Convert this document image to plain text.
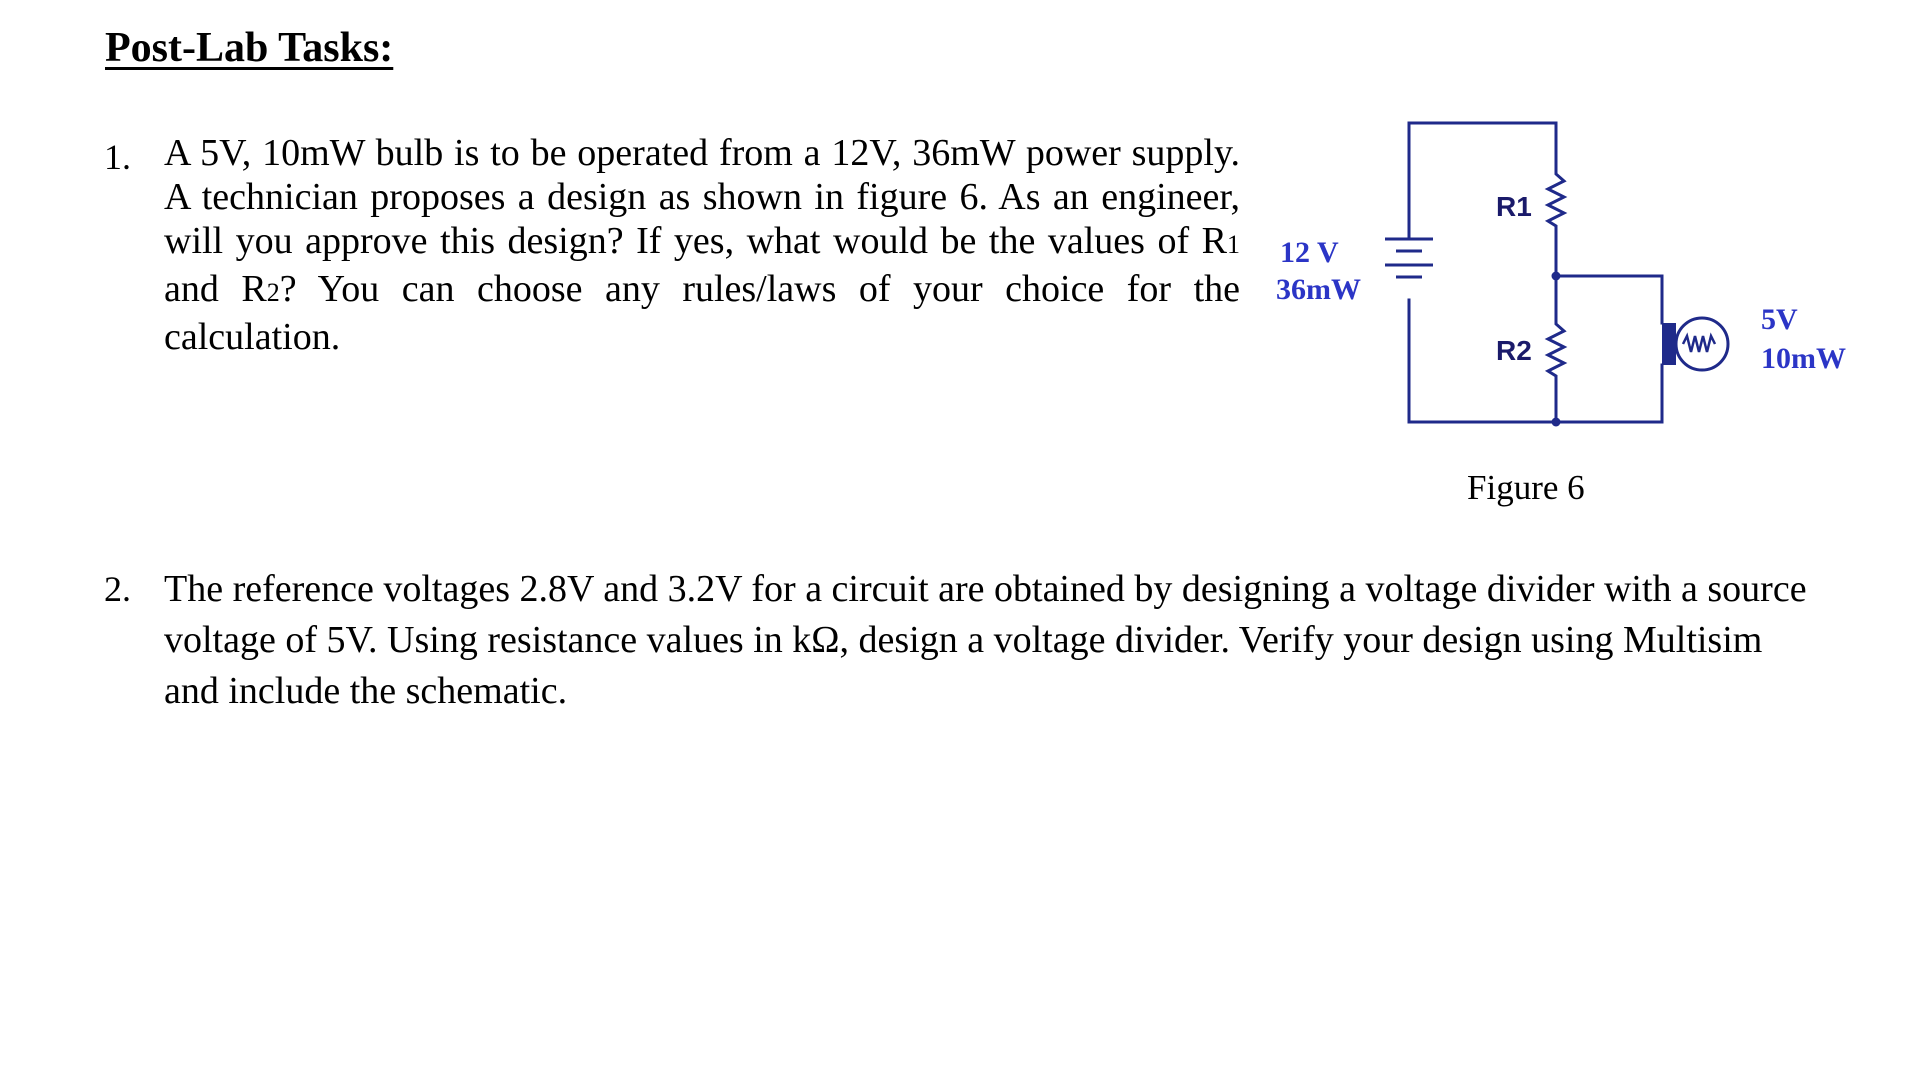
Post-Lab Tasks:
1. A 5V, 10mW bulb is to be operated from a 12V, 36mW power supply.
A technician proposes a design as shown in figure 6. As an engineer,
will you approve this design? If yes, what would be the values of R1
and R2? You can choose any rules/laws of your choice for the
calculation.
12 V
36mW
R1
R2
5V
10mW
Figure 6
2. The reference voltages 2.8V and 3.2V for a circuit are obtained by designing a voltage divider with a source
voltage of 5V. Using resistance values in kΩ, design a voltage divider. Verify your design using Multisim
and include the schematic.
